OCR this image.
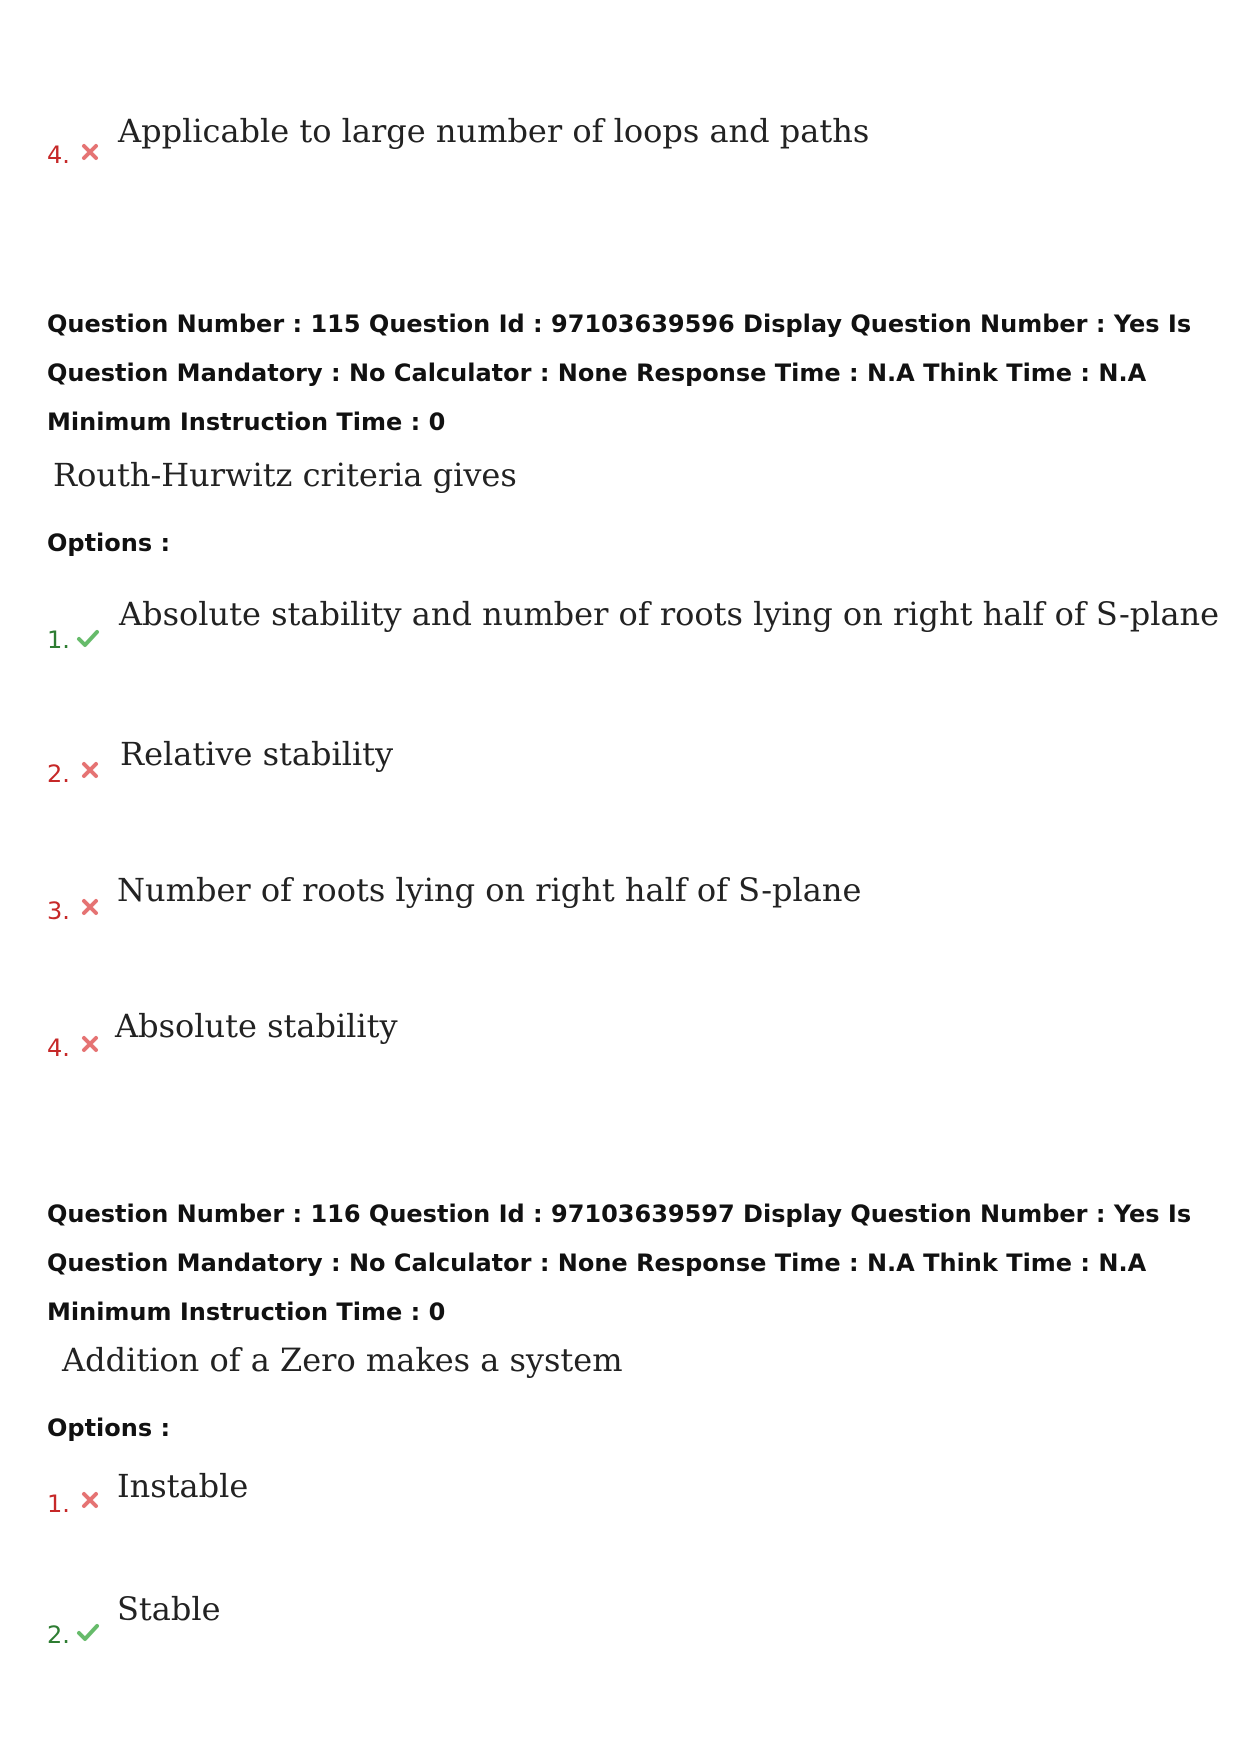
4.
Applicable to large number of loops and paths
Question Number : 115 Question Id : 97103639596 Display Question Number : Yes Is Question Mandatory : No Calculator : None Response Time : N.A Think Time : N.A Minimum Instruction Time : 0
Routh-Hurwitz criteria gives
Options :
1.
Absolute stability and number of roots lying on right half of S-plane
2.
Relative stability
3.
Number of roots lying on right half of S-plane
4.
Absolute stability
Question Number : 116 Question Id : 97103639597 Display Question Number : Yes Is Question Mandatory : No Calculator : None Response Time : N.A Think Time : N.A Minimum Instruction Time : 0
Addition of a Zero makes a system
Options :
1. Instable
2.
Stable
